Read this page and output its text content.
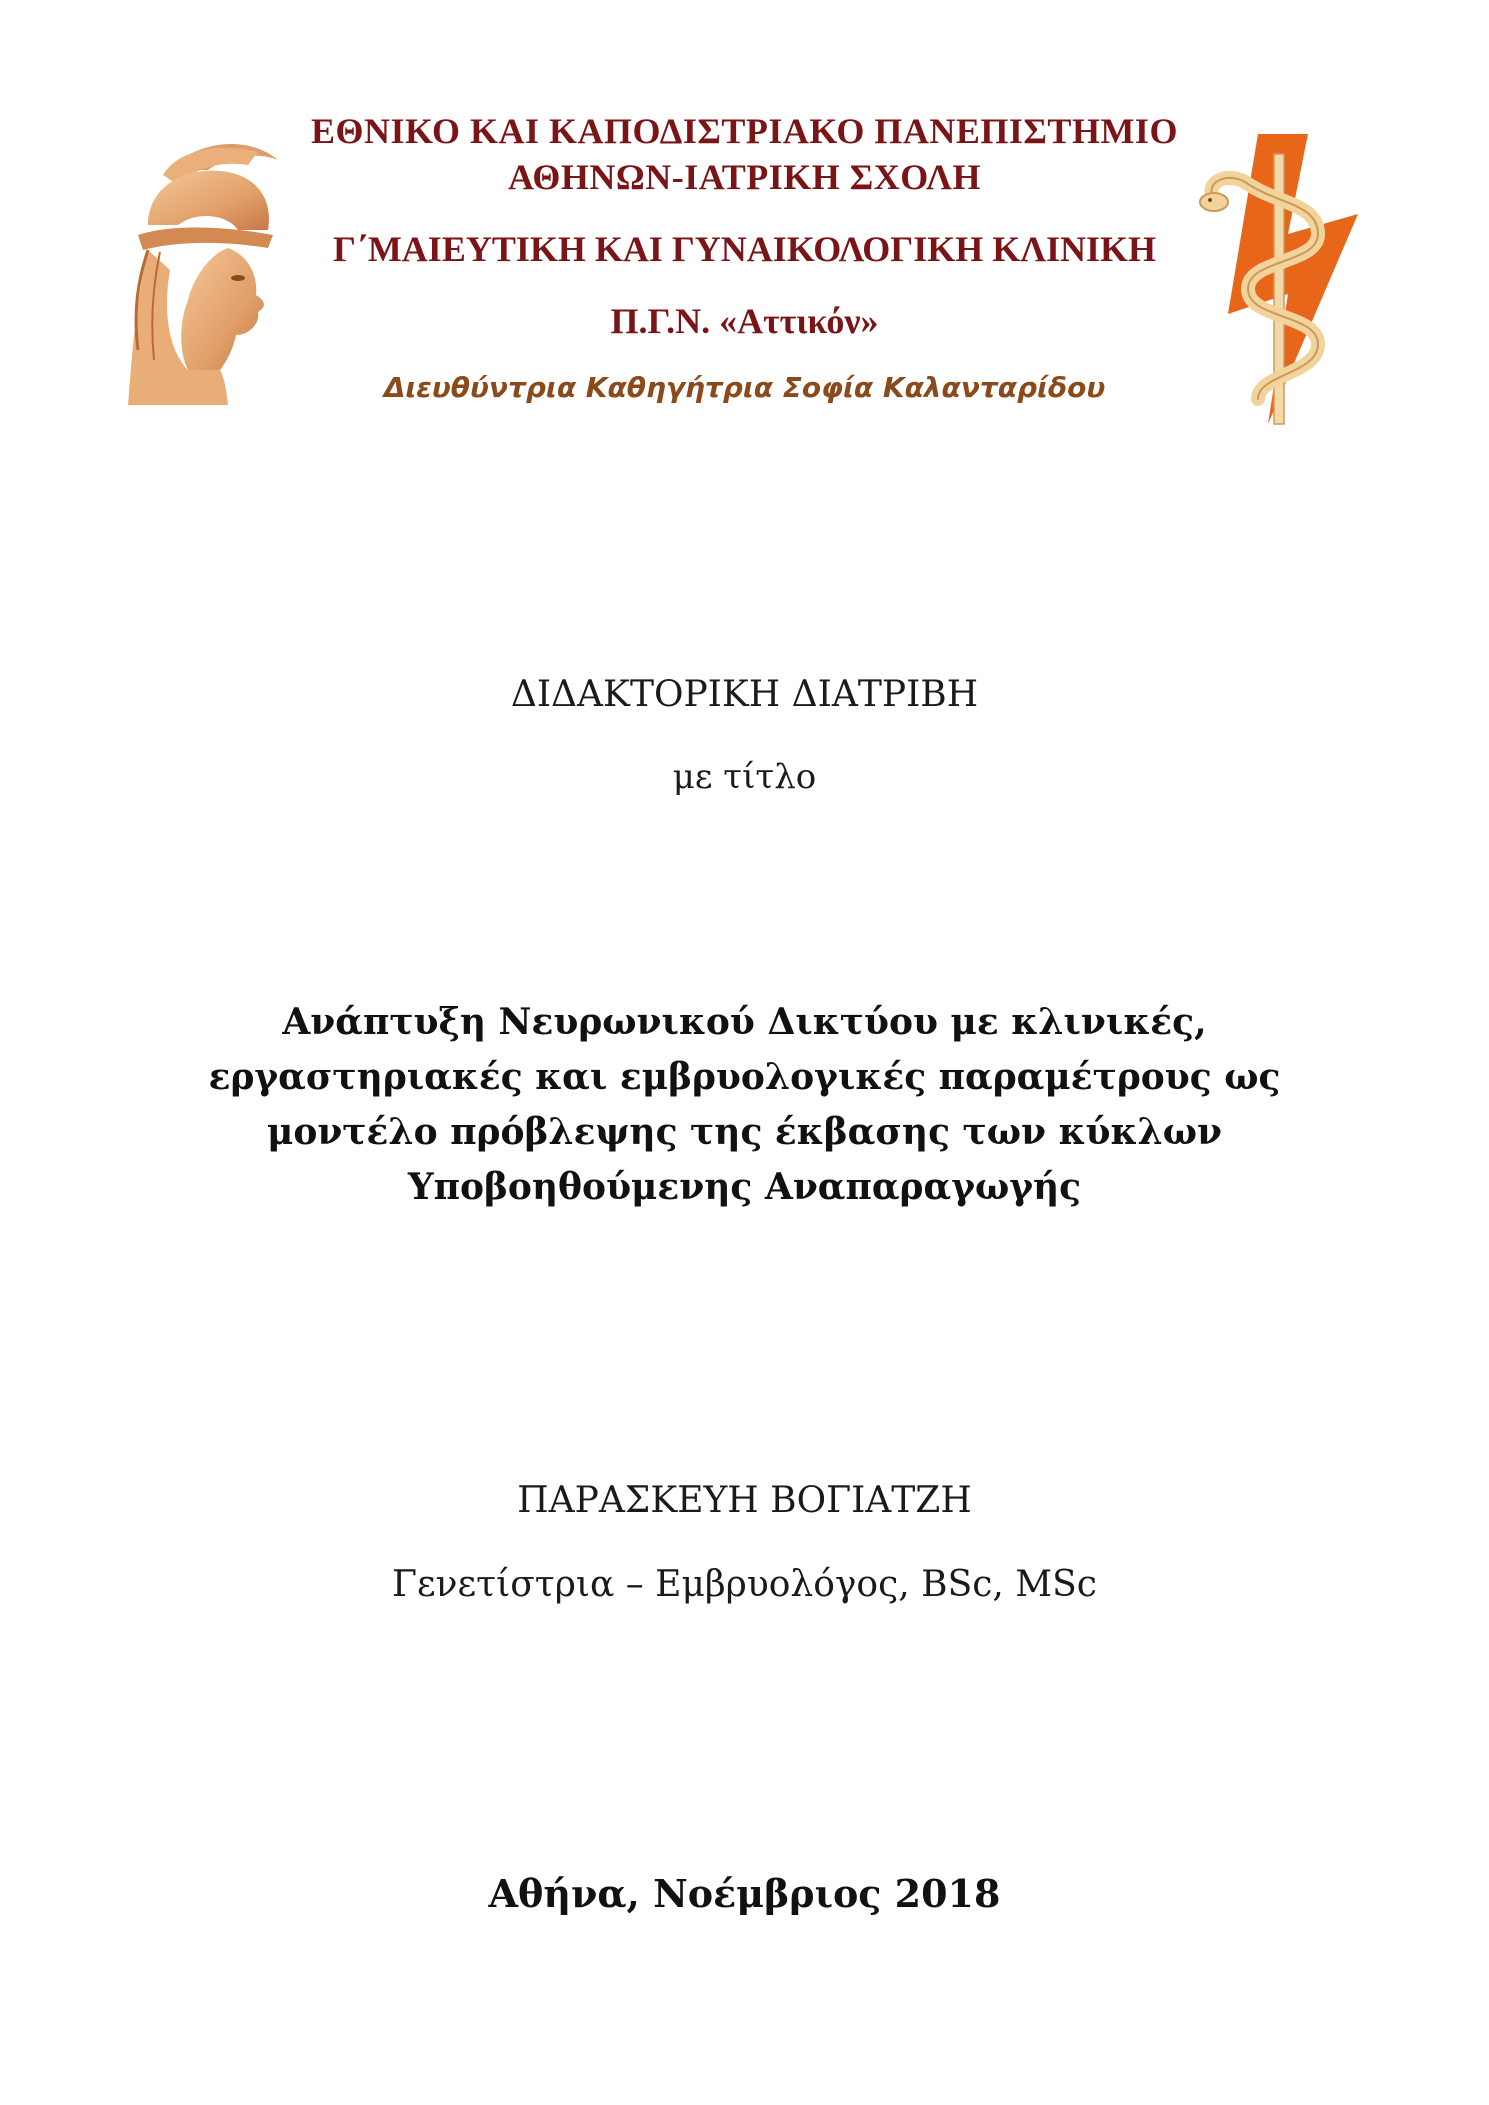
ΕΘΝΙΚΟ ΚΑΙ ΚΑΠΟΔΙΣΤΡΙΑΚΟ ΠΑΝΕΠΙΣΤΗΜΙΟ
ΑΘΗΝΩΝ-ΙΑΤΡΙΚΗ ΣΧΟΛΗ
Γ΄ΜΑΙΕΥΤΙΚΗ ΚΑΙ ΓΥΝΑΙΚΟΛΟΓΙΚΗ ΚΛΙΝΙΚΗ
Π.Γ.Ν. «Αττικόν»
Διευθύντρια Καθηγήτρια Σοφία Καλανταρίδου
ΔΙΔΑΚΤΟΡΙΚΗ ΔΙΑΤΡΙΒΗ
με τίτλο
Ανάπτυξη Νευρωνικού Δικτύου με κλινικές,
εργαστηριακές και εμβρυολογικές παραμέτρους ως
μοντέλο πρόβλεψης της έκβασης των κύκλων
Υποβοηθούμενης Αναπαραγωγής
ΠΑΡΑΣΚΕΥΗ ΒΟΓΙΑΤΖΗ
Γενετίστρια – Εμβρυολόγος, BSc, MSc
Αθήνα, Νοέμβριος 2018
